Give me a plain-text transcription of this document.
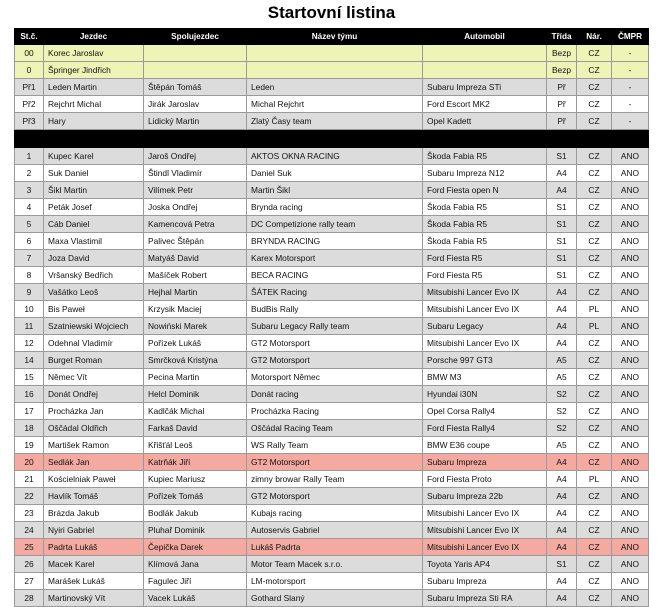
Startovní listina
St.č.	Jezdec	Spolujezdec	Název týmu	Automobil	Třída	Nár.	ČMPR
00	Korec Jaroslav				Bezp	CZ	-
0	Špringer Jindřich				Bezp	CZ	-
Př1	Leden Martin	Štěpán Tomáš	Leden	Subaru Impreza STi	Př	CZ	-
Př2	Rejchrt Michal	Jirák Jaroslav	Michal Rejchrt	Ford Escort MK2	Př	CZ	-
Př3	Hary	Lidický Martin	Zlatý Časy team	Opel Kadett	Př	CZ	-

1	Kupec Karel	Jaroš Ondřej	AKTOS OKNA RACING	Škoda Fabia R5	S1	CZ	ANO
2	Suk Daniel	Štindl Vladimír	Daniel Suk	Subaru Impreza N12	A4	CZ	ANO
3	Šikl Martin	Vilímek Petr	Martin Šikl	Ford Fiesta open N	A4	CZ	ANO
4	Peták Josef	Joska Ondřej	Brynda racing	Škoda Fabia R5	S1	CZ	ANO
5	Cáb Daniel	Kamencová Petra	DC Competizione rally team	Škoda Fabia R5	S1	CZ	ANO
6	Maxa Vlastimil	Palivec Štěpán	BRYNDA RACING	Škoda Fabia R5	S1	CZ	ANO
7	Joza David	Matyáš David	Karex Motorsport	Ford Fiesta R5	S1	CZ	ANO
8	Vršanský Bedřich	Mašíček Robert	BECA RACING	Ford Fiesta R5	S1	CZ	ANO
9	Vašátko Leoš	Hejhal Martin	ŠÁTEK Racing	Mitsubishi Lancer Evo IX	A4	CZ	ANO
10	Bis Paweł	Krzysik Maciej	BudBis Rally	Mitsubishi Lancer Evo IX	A4	PL	ANO
11	Szatniewski Wojciech	Nowiński Marek	Subaru Legacy Rally team	Subaru Legacy	A4	PL	ANO
12	Odehnal Vladimír	Pořízek Lukáš	GT2 Motorsport	Mitsubishi Lancer Evo IX	A4	CZ	ANO
14	Burget Roman	Smrčková Kristýna	GT2 Motorsport	Porsche 997 GT3	A5	CZ	ANO
15	Němec Vít	Pecina Martin	Motorsport Němec	BMW M3	A5	CZ	ANO
16	Donát Ondřej	Helcl Dominik	Donát racing	Hyundai i30N	S2	CZ	ANO
17	Procházka Jan	Kadlčák Michal	Procházka Racing	Opel Corsa Rally4	S2	CZ	ANO
18	Oščádal Oldřich	Farkaš David	Oščádal Racing Team	Ford Fiesta Rally4	S2	CZ	ANO
19	Martišek Ramon	Křišťál Leoš	WS Rally Team	BMW E36 coupe	A5	CZ	ANO
20	Sedlák Jan	Katrňák Jiří	GT2 Motorsport	Subaru Impreza	A4	CZ	ANO
21	Kościelniak Paweł	Kupiec Mariusz	zimny browar Rally Team	Ford Fiesta Proto	A4	PL	ANO
22	Havlík Tomáš	Pořízek Tomáš	GT2 Motorsport	Subaru Impreza 22b	A4	CZ	ANO
23	Brázda Jakub	Bodlák Jakub	Kubajs racing	Mitsubishi Lancer Evo IX	A4	CZ	ANO
24	Nyiri Gabriel	Pluhař Dominik	Autoservis Gabriel	Mitsubishi Lancer Evo IX	A4	CZ	ANO
25	Padrta Lukáš	Čepička Darek	Lukáš Padrta	Mitsubishi Lancer Evo IX	A4	CZ	ANO
26	Macek Karel	Klímová Jana	Motor Team Macek s.r.o.	Toyota Yaris AP4	S1	CZ	ANO
27	Marášek Lukáš	Fagulec Jiří	LM-motorsport	Subaru Impreza	A4	CZ	ANO
28	Martinovský Vít	Vacek Lukáš	Gothard Slaný	Subaru Impreza Sti RA	A4	CZ	ANO
